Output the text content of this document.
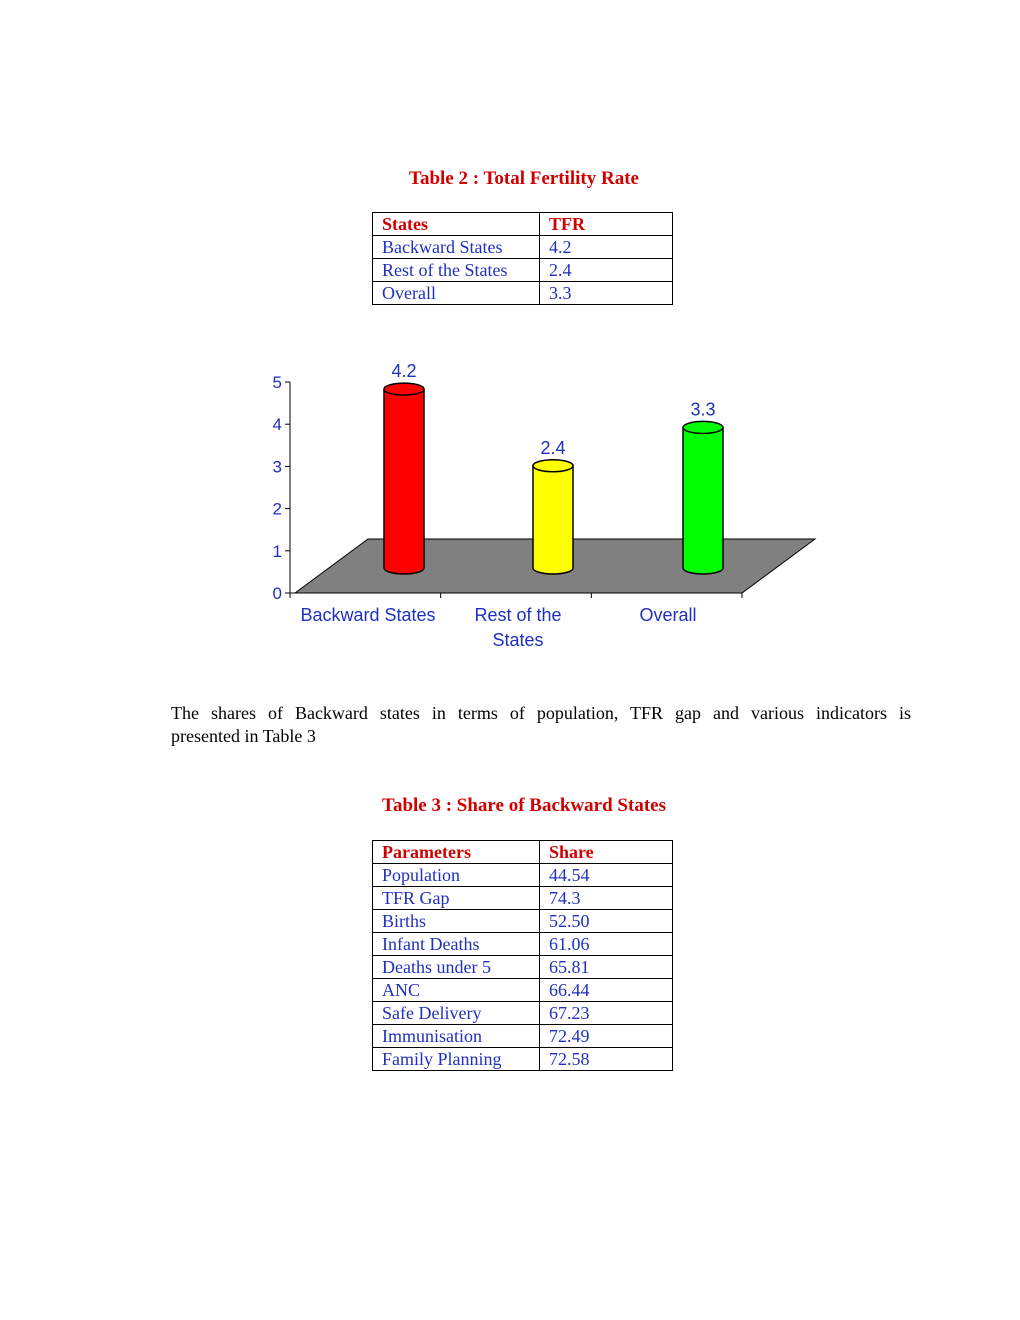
Table 2 : Total Fertility Rate
States	TFR
Backward States	4.2
Rest of the States	2.4
Overall	3.3
0
1
2
3
4
5
4.2
2.4
3.3
Backward States Rest of the States
Overall
The shares of Backward states in terms of population, TFR gap and various indicators is
presented in Table 3
Table 3 : Share of Backward States
Parameters	Share
Population	44.54
TFR Gap	74.3
Births	52.50
Infant Deaths	61.06
Deaths under 5	65.81
ANC	66.44
Safe Delivery	67.23
Immunisation	72.49
Family Planning	72.58
